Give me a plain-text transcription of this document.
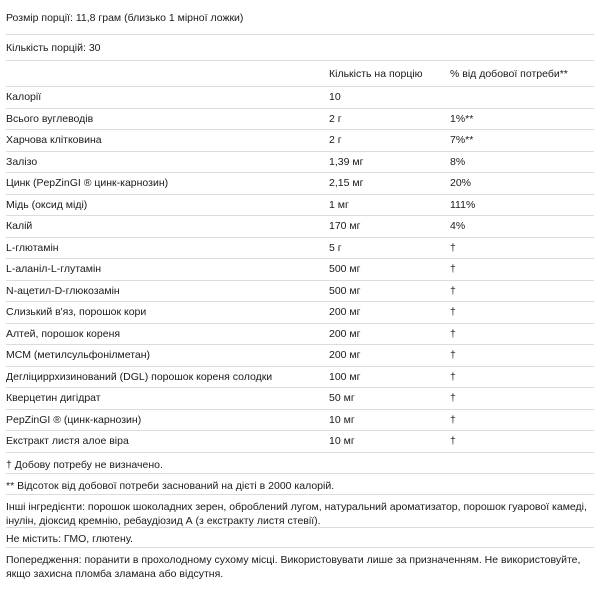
Розмір порції: 11,8 грам (близько 1 мірної ложки)
Кількість порцій: 30
	Кількість на порцію	% від добової потреби**
Калорії	10	
Всього вуглеводів	2 г	1%**
Харчова клітковина	2 г	7%**
Залізо	1,39 мг	8%
Цинк (PepZinGI ® цинк-карнозин)	2,15 мг	20%
Мідь (оксид міді)	1 мг	111%
Калій	170 мг	4%
L-глютамін	5 г	†
L-аланіл-L-глутамін	500 мг	†
N-ацетил-D-глюкозамін	500 мг	†
Слизький в'яз, порошок кори	200 мг	†
Алтей, порошок кореня	200 мг	†
МСМ (метилсульфонілметан)	200 мг	†
Дегліциррхизинований (DGL) порошок кореня солодки	100 мг	†
Кверцетин дигідрат	50 мг	†
PepZinGI ® (цинк-карнозин)	10 мг	†
Екстракт листя алое віра	10 мг	†
† Добову потребу не визначено.
** Відсоток від добової потреби заснований на дієті в 2000 калорій.
Інші інгредієнти: порошок шоколадних зерен, оброблений лугом, натуральний ароматизатор, порошок гуарової камеді, інулін, діоксид кремнію, ребаудіозид А (з екстракту листя стевії).
Не містить: ГМО, глютену.
Попередження: поранити в прохолодному сухому місці. Використовувати лише за призначенням. Не використовуйте, якщо захисна пломба зламана або відсутня.
